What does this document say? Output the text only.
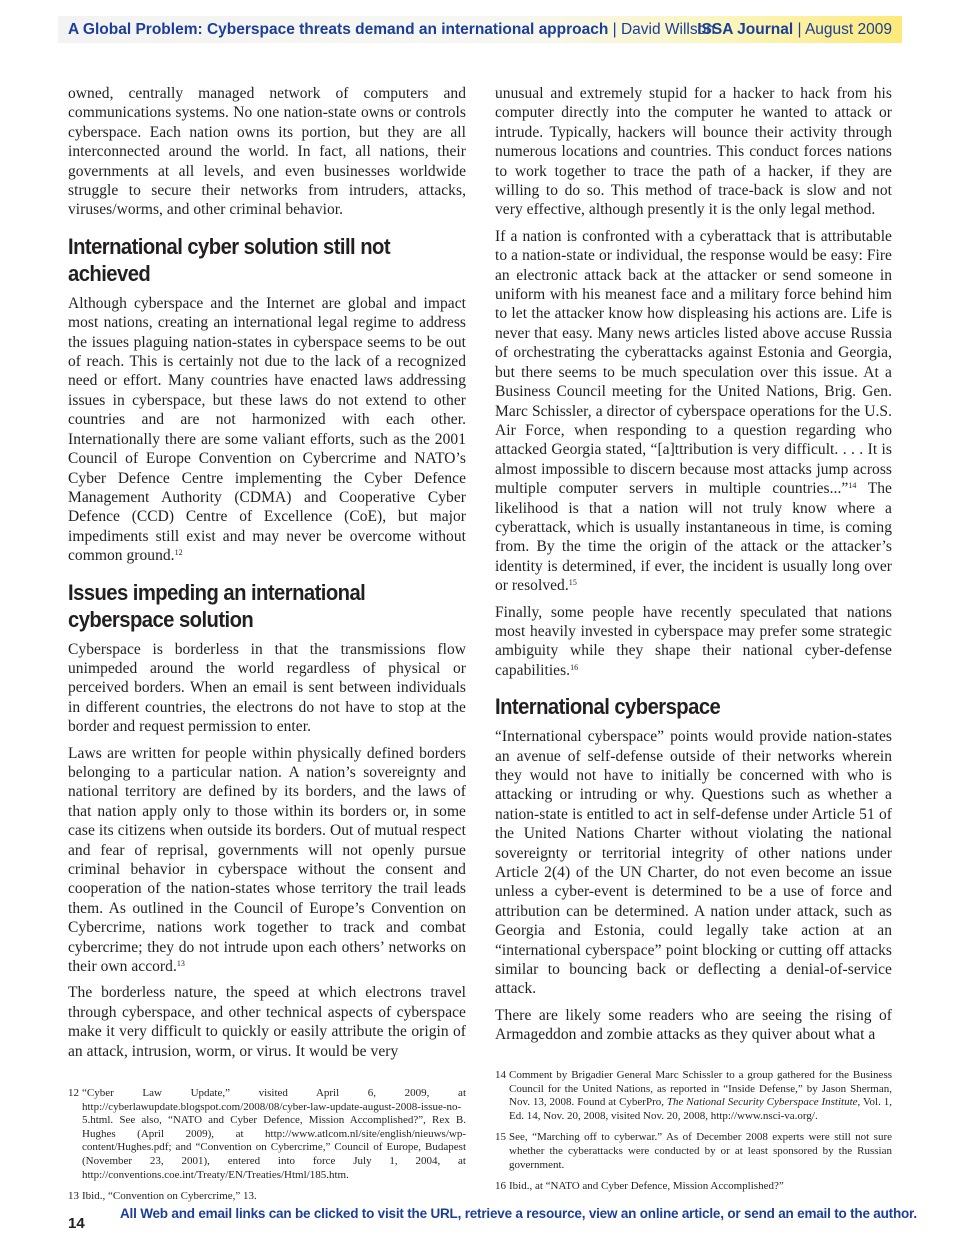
A Global Problem: Cyberspace threats demand an international approach | David Willson
ISSA Journal | August 2009

owned, centrally managed network of computers and communications systems. No one nation-state owns or controls cyberspace. Each nation owns its portion, but they are all interconnected around the world. In fact, all nations, their governments at all levels, and even businesses worldwide struggle to secure their networks from intruders, attacks, viruses/worms, and other criminal behavior.

International cyber solution still not achieved

Although cyberspace and the Internet are global and impact most nations, creating an international legal regime to address the issues plaguing nation-states in cyberspace seems to be out of reach. This is certainly not due to the lack of a recognized need or effort. Many countries have enacted laws addressing issues in cyberspace, but these laws do not extend to other countries and are not harmonized with each other. Internationally there are some valiant efforts, such as the 2001 Council of Europe Convention on Cybercrime and NATO’s Cyber Defence Centre implementing the Cyber Defence Management Authority (CDMA) and Cooperative Cyber Defence (CCD) Centre of Excellence (CoE), but major impediments still exist and may never be overcome without common ground.$^{12}$

Issues impeding an international cyberspace solution

Cyberspace is borderless in that the transmissions flow unimpeded around the world regardless of physical or perceived borders. When an email is sent between individuals in different countries, the electrons do not have to stop at the border and request permission to enter.

Laws are written for people within physically defined borders belonging to a particular nation. A nation’s sovereignty and national territory are defined by its borders, and the laws of that nation apply only to those within its borders or, in some case its citizens when outside its borders. Out of mutual respect and fear of reprisal, governments will not openly pursue criminal behavior in cyberspace without the consent and cooperation of the nation-states whose territory the trail leads them. As outlined in the Council of Europe’s Convention on Cybercrime, nations work together to track and combat cybercrime; they do not intrude upon each others’ networks on their own accord.$^{13}$

The borderless nature, the speed at which electrons travel through cyberspace, and other technical aspects of cyberspace make it very difficult to quickly or easily attribute the origin of an attack, intrusion, worm, or virus. It would be very

unusual and extremely stupid for a hacker to hack from his computer directly into the computer he wanted to attack or intrude. Typically, hackers will bounce their activity through numerous locations and countries. This conduct forces nations to work together to trace the path of a hacker, if they are willing to do so. This method of trace-back is slow and not very effective, although presently it is the only legal method.

If a nation is confronted with a cyberattack that is attributable to a nation-state or individual, the response would be easy: Fire an electronic attack back at the attacker or send someone in uniform with his meanest face and a military force behind him to let the attacker know how displeasing his actions are. Life is never that easy. Many news articles listed above accuse Russia of orchestrating the cyberattacks against Estonia and Georgia, but there seems to be much speculation over this issue. At a Business Council meeting for the United Nations, Brig. Gen. Marc Schissler, a director of cyberspace operations for the U.S. Air Force, when responding to a question regarding who attacked Georgia stated, “[a]ttribution is very difficult. . . . It is almost impossible to discern because most attacks jump across multiple computer servers in multiple countries...”$^{14}$ The likelihood is that a nation will not truly know where a cyberattack, which is usually instantaneous in time, is coming from. By the time the origin of the attack or the attacker’s identity is determined, if ever, the incident is usually long over or resolved.$^{15}$

Finally, some people have recently speculated that nations most heavily invested in cyberspace may prefer some strategic ambiguity while they shape their national cyber-defense capabilities.$^{16}$

International cyberspace

“International cyberspace” points would provide nation-states an avenue of self-defense outside of their networks wherein they would not have to initially be concerned with who is attacking or intruding or why. Questions such as whether a nation-state is entitled to act in self-defense under Article 51 of the United Nations Charter without violating the national sovereignty or territorial integrity of other nations under Article 2(4) of the UN Charter, do not even become an issue unless a cyber-event is determined to be a use of force and attribution can be determined. A nation under attack, such as Georgia and Estonia, could legally take action at an “international cyberspace” point blocking or cutting off attacks similar to bouncing back or deflecting a denial-of-service attack.

There are likely some readers who are seeing the rising of Armageddon and zombie attacks as they quiver about what a

12 “Cyber Law Update,” visited April 6, 2009, at http://cyberlawupdate.blogspot.com/2008/08/cyber-law-update-august-2008-issue-no-5.html. See also, “NATO and Cyber Defence, Mission Accomplished?”, Rex B. Hughes (April 2009), at http://www.atlcom.nl/site/english/nieuws/wp-content/Hughes.pdf; and “Convention on Cybercrime,” Council of Europe, Budapest (November 23, 2001), entered into force July 1, 2004, at http://conventions.coe.int/Treaty/EN/Treaties/Html/185.htm.
13 Ibid., “Convention on Cybercrime,” 13.
14 Comment by Brigadier General Marc Schissler to a group gathered for the Business Council for the United Nations, as reported in “Inside Defense,” by Jason Sherman, Nov. 13, 2008. Found at CyberPro, The National Security Cyberspace Institute, Vol. 1, Ed. 14, Nov. 20, 2008, visited Nov. 20, 2008, http://www.nsci-va.org/.
15 See, “Marching off to cyberwar.” As of December 2008 experts were still not sure whether the cyberattacks were conducted by or at least sponsored by the Russian government.
16 Ibid., at “NATO and Cyber Defence, Mission Accomplished?”
14
All Web and email links can be clicked to visit the URL, retrieve a resource, view an online article, or send an email to the author.
